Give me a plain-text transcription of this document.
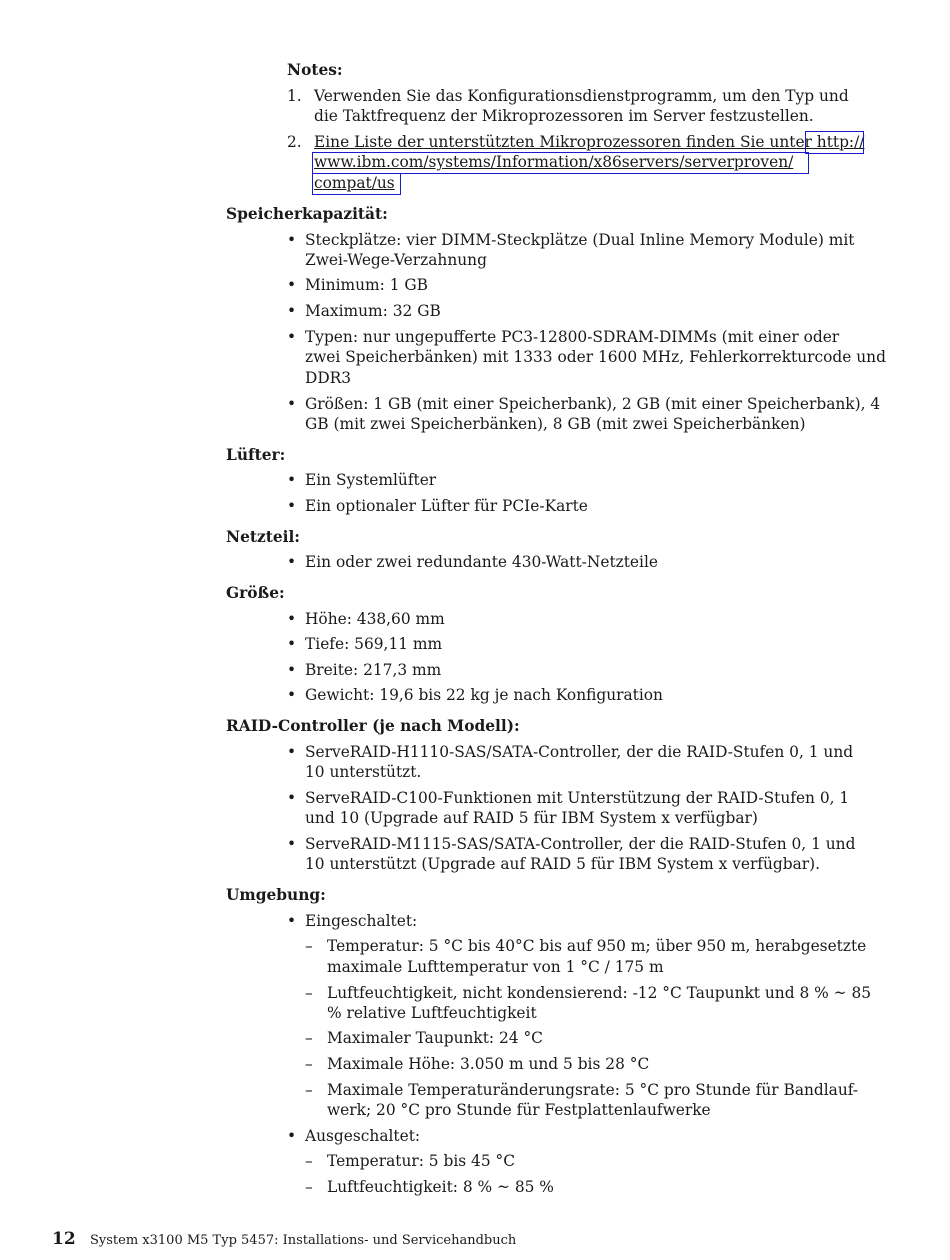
Notes:
1. Verwenden Sie das Konfigurationsdienstprogramm, um den Typ und
die Taktfrequenz der Mikroprozessoren im Server festzustellen.
2. Eine Liste der unterstützten Mikroprozessoren finden Sie unter http://
www.ibm.com/systems/Information/x86servers/serverproven/
compat/us
Speicherkapazität:
• Steckplätze: vier DIMM-Steckplätze (Dual Inline Memory Module) mit
Zwei-Wege-Verzahnung
• Minimum: 1 GB
• Maximum: 32 GB
• Typen: nur ungepufferte PC3-12800-SDRAM-DIMMs (mit einer oder
zwei Speicherbänken) mit 1333 oder 1600 MHz, Fehlerkorrekturcode und
DDR3
• Größen: 1 GB (mit einer Speicherbank), 2 GB (mit einer Speicherbank), 4
GB (mit zwei Speicherbänken), 8 GB (mit zwei Speicherbänken)
Lüfter:
• Ein Systemlüfter
• Ein optionaler Lüfter für PCIe-Karte
Netzteil:
• Ein oder zwei redundante 430-Watt-Netzteile
Größe:
• Höhe: 438,60 mm
• Tiefe: 569,11 mm
• Breite: 217,3 mm
• Gewicht: 19,6 bis 22 kg je nach Konfiguration
RAID-Controller (je nach Modell):
• ServeRAID-H1110-SAS/SATA-Controller, der die RAID-Stufen 0, 1 und
10 unterstützt.
• ServeRAID-C100-Funktionen mit Unterstützung der RAID-Stufen 0, 1
und 10 (Upgrade auf RAID 5 für IBM System x verfügbar)
• ServeRAID-M1115-SAS/SATA-Controller, der die RAID-Stufen 0, 1 und
10 unterstützt (Upgrade auf RAID 5 für IBM System x verfügbar).
Umgebung:
• Eingeschaltet:
– Temperatur: 5 °C bis 40°C bis auf 950 m; über 950 m, herabgesetzte
maximale Lufttemperatur von 1 °C / 175 m
– Luftfeuchtigkeit, nicht kondensierend: -12 °C Taupunkt und 8 % ~ 85
% relative Luftfeuchtigkeit
– Maximaler Taupunkt: 24 °C
– Maximale Höhe: 3.050 m und 5 bis 28 °C
– Maximale Temperaturänderungsrate: 5 °C pro Stunde für Bandlauf-
werk; 20 °C pro Stunde für Festplattenlaufwerke
• Ausgeschaltet:
– Temperatur: 5 bis 45 °C
– Luftfeuchtigkeit: 8 % ~ 85 %
12 System x3100 M5 Typ 5457: Installations- und Servicehandbuch
